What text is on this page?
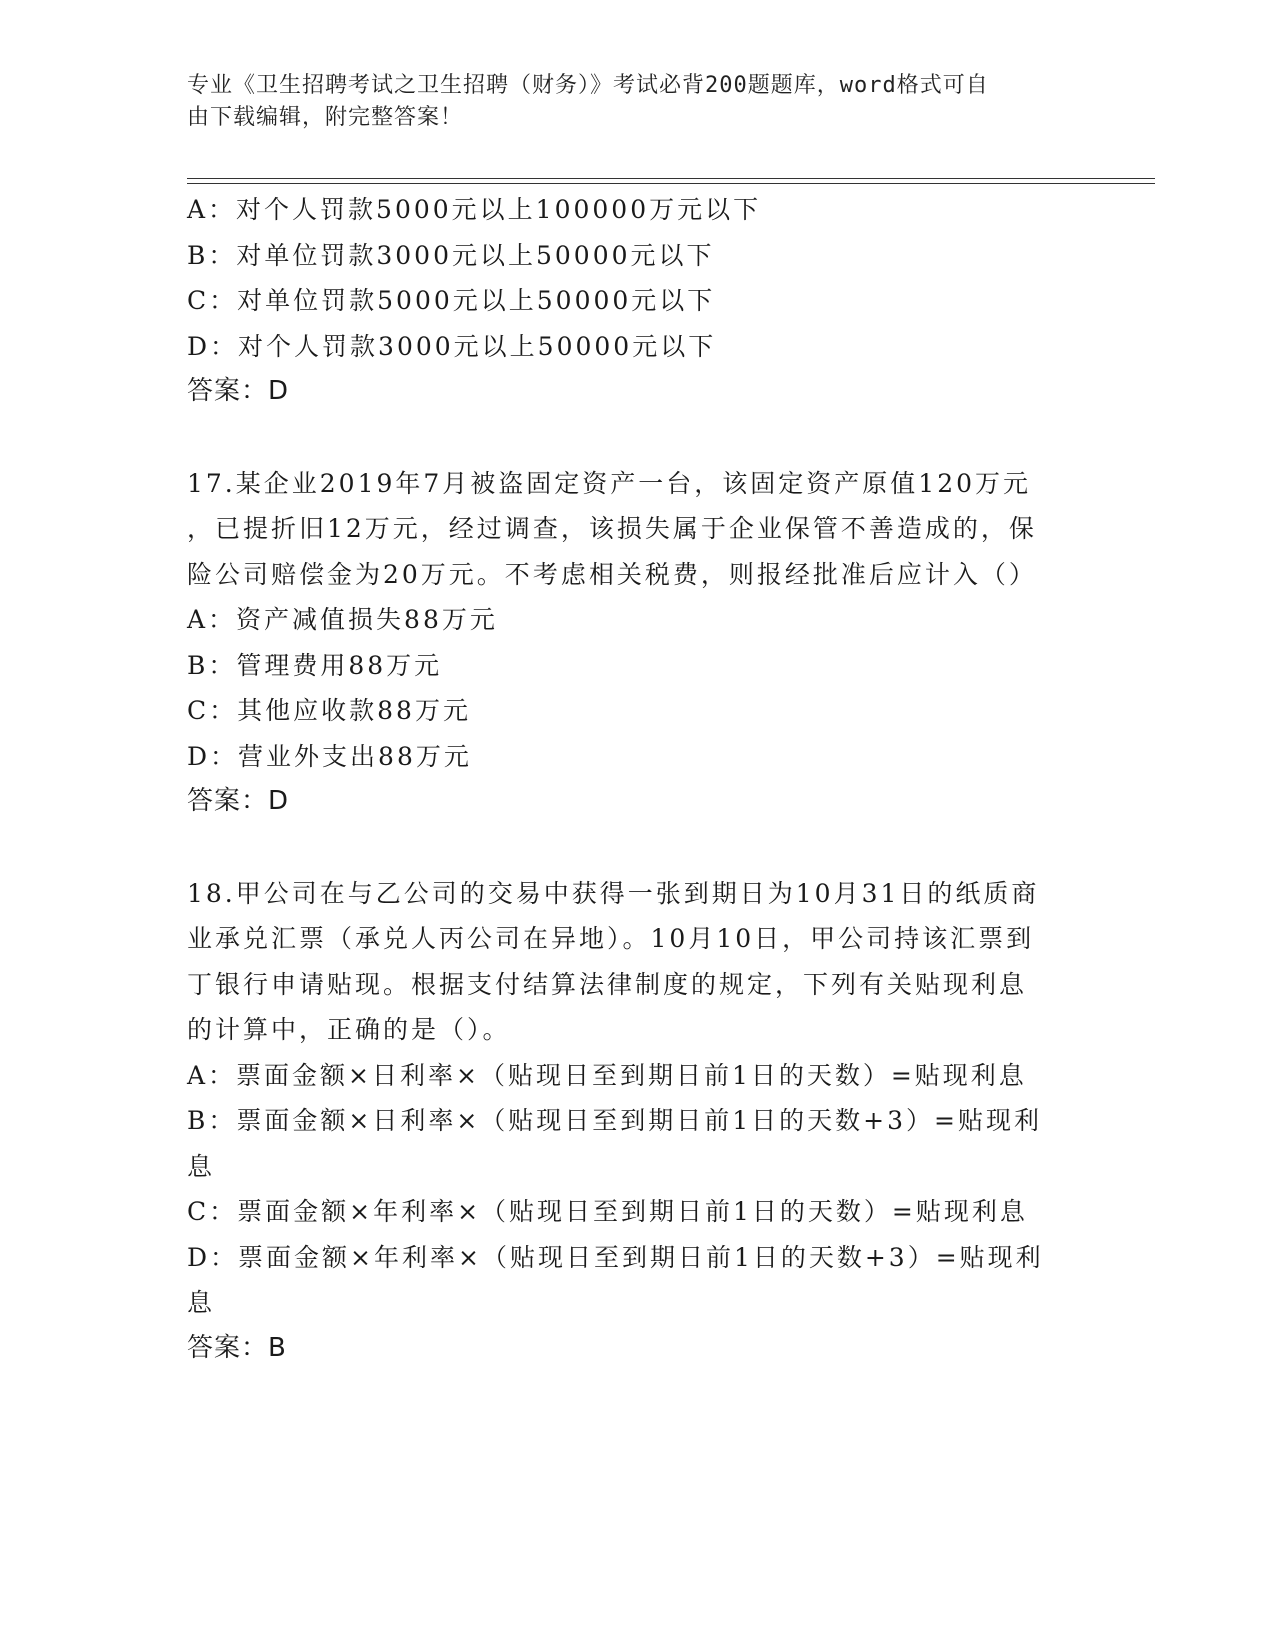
专业《卫生招聘考试之卫生招聘（财务）》考试必背200题题库，word格式可自
由下载编辑，附完整答案！
A：对个人罚款5000元以上100000万元以下
B：对单位罚款3000元以上50000元以下
C：对单位罚款5000元以上50000元以下
D：对个人罚款3000元以上50000元以下
答案：D
17.某企业2019年7月被盗固定资产一台，该固定资产原值120万元
，已提折旧12万元，经过调查，该损失属于企业保管不善造成的，保
险公司赔偿金为20万元。不考虑相关税费，则报经批准后应计入（）
A：资产减值损失88万元
B：管理费用88万元
C：其他应收款88万元
D：营业外支出88万元
答案：D
18.甲公司在与乙公司的交易中获得一张到期日为10月31日的纸质商
业承兑汇票（承兑人丙公司在异地）。10月10日，甲公司持该汇票到
丁银行申请贴现。根据支付结算法律制度的规定，下列有关贴现利息
的计算中，正确的是（）。
A：票面金额×日利率×（贴现日至到期日前1日的天数）=贴现利息
B：票面金额×日利率×（贴现日至到期日前1日的天数+3）=贴现利
息
C：票面金额×年利率×（贴现日至到期日前1日的天数）=贴现利息
D：票面金额×年利率×（贴现日至到期日前1日的天数+3）=贴现利
息
答案：B
